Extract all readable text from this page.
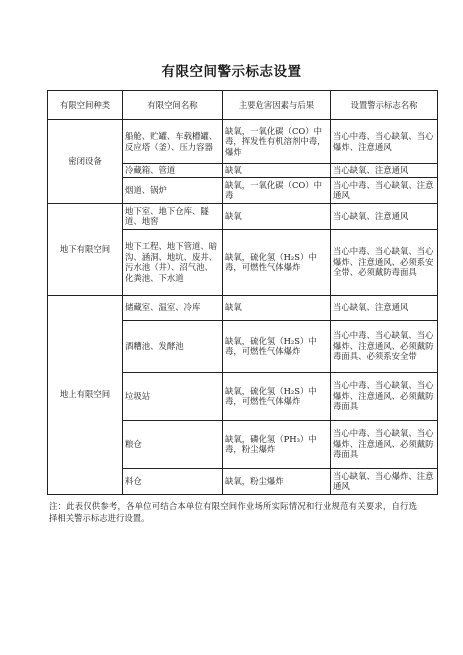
有限空间警示标志设置
有限空间种类	有限空间名称	主要危害因素与后果	设置警示标志名称
密闭设备	船舱、贮罐、车载槽罐、反应塔（釜）、压力容器	缺氧，一氧化碳（CO）中毒，挥发性有机溶剂中毒，爆炸	当心中毒、当心缺氧、当心爆炸、注意通风
	冷藏箱、管道	缺氧	当心缺氧、注意通风
	烟道、锅炉	缺氧，一氧化碳（CO）中毒	当心中毒、当心缺氧、注意通风
地下有限空间	地下室、地下仓库、隧道、地窖	缺氧	当心缺氧、注意通风
	地下工程、地下管道、暗沟、涵洞、地坑、废井、污水池（井）、沼气池、化粪池、下水道	缺氧，硫化氢（H₂S）中毒，可燃性气体爆炸	当心中毒、当心缺氧、当心爆炸、注意通风、必须系安全带、必须戴防毒面具
地上有限空间	储藏室、温室、冷库	缺氧	当心缺氧、注意通风
	酒糟池、发酵池	缺氧，硫化氢（H₂S）中毒，可燃性气体爆炸	当心中毒、当心缺氧、当心爆炸、注意通风、必须戴防毒面具、必须系安全带
	垃圾站	缺氧，硫化氢（H₂S）中毒，可燃性气体爆炸	当心中毒、当心缺氧、当心爆炸、注意通风、必须戴防毒面具
	粮仓	缺氧，磷化氢（PH₃）中毒，粉尘爆炸	当心中毒、当心缺氧、当心爆炸、注意通风、必须戴防毒面具
	料仓	缺氧，粉尘爆炸	当心缺氧、当心爆炸、注意通风
注：此表仅供参考，各单位可结合本单位有限空间作业场所实际情况和行业规范有关要求，自行选择相关警示标志进行设置。
